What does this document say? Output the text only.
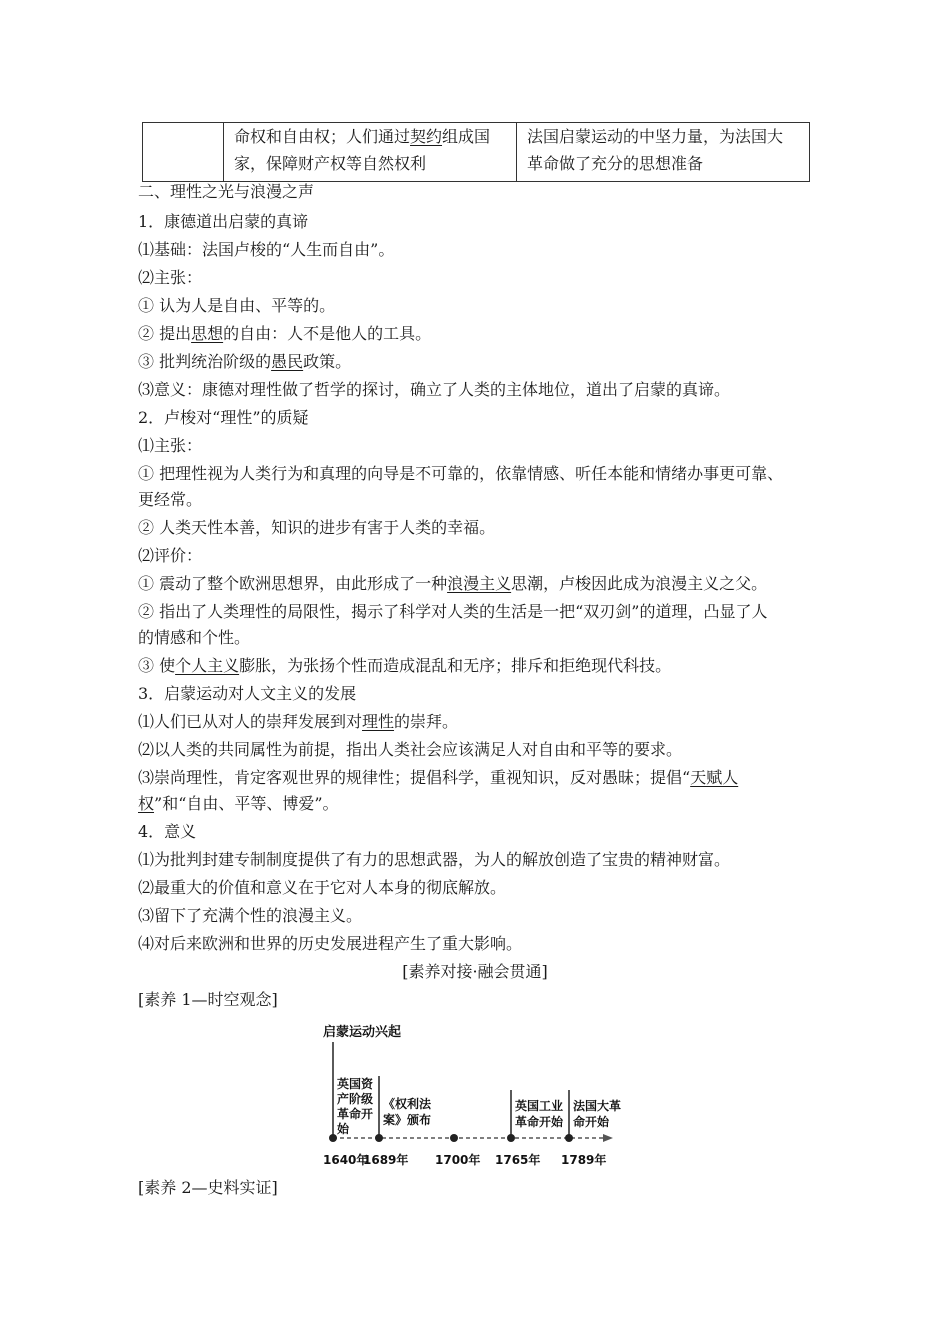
	命权和自由权；人们通过契约组成国
家，保障财产权等自然权利	法国启蒙运动的中坚力量，为法国大
革命做了充分的思想准备
二、理性之光与浪漫之声
1．康德道出启蒙的真谛
⑴基础：法国卢梭的“人生而自由”。
⑵主张：
① 认为人是自由、平等的。
② 提出思想的自由：人不是他人的工具。
③ 批判统治阶级的愚民政策。
⑶意义：康德对理性做了哲学的探讨，确立了人类的主体地位，道出了启蒙的真谛。
2．卢梭对“理性”的质疑
⑴主张：
① 把理性视为人类行为和真理的向导是不可靠的，依靠情感、听任本能和情绪办事更可靠、
更经常。
② 人类天性本善，知识的进步有害于人类的幸福。
⑵评价：
① 震动了整个欧洲思想界，由此形成了一种浪漫主义思潮，卢梭因此成为浪漫主义之父。
② 指出了人类理性的局限性，揭示了科学对人类的生活是一把“双刃剑”的道理，凸显了人
的情感和个性。
③ 使个人主义膨胀，为张扬个性而造成混乱和无序；排斥和拒绝现代科技。
3．启蒙运动对人文主义的发展
⑴人们已从对人的崇拜发展到对理性的崇拜。
⑵以人类的共同属性为前提，指出人类社会应该满足人对自由和平等的要求。
⑶崇尚理性，肯定客观世界的规律性；提倡科学，重视知识，反对愚昧；提倡“天赋人
权”和“自由、平等、博爱”。
4．意义
⑴为批判封建专制制度提供了有力的思想武器，为人的解放创造了宝贵的精神财富。
⑵最重大的价值和意义在于它对人本身的彻底解放。
⑶留下了充满个性的浪漫主义。
⑷对后来欧洲和世界的历史发展进程产生了重大影响。
[素养对接·融会贯通]
[素养 1—时空观念]
启蒙运动兴起
英国资
产阶级
革命开
始
《权利法
案》颁布
英国工业
革命开始
法国大革
命开始
1640年
1689年 1700年 1765年 1789年
[素养 2—史料实证]
